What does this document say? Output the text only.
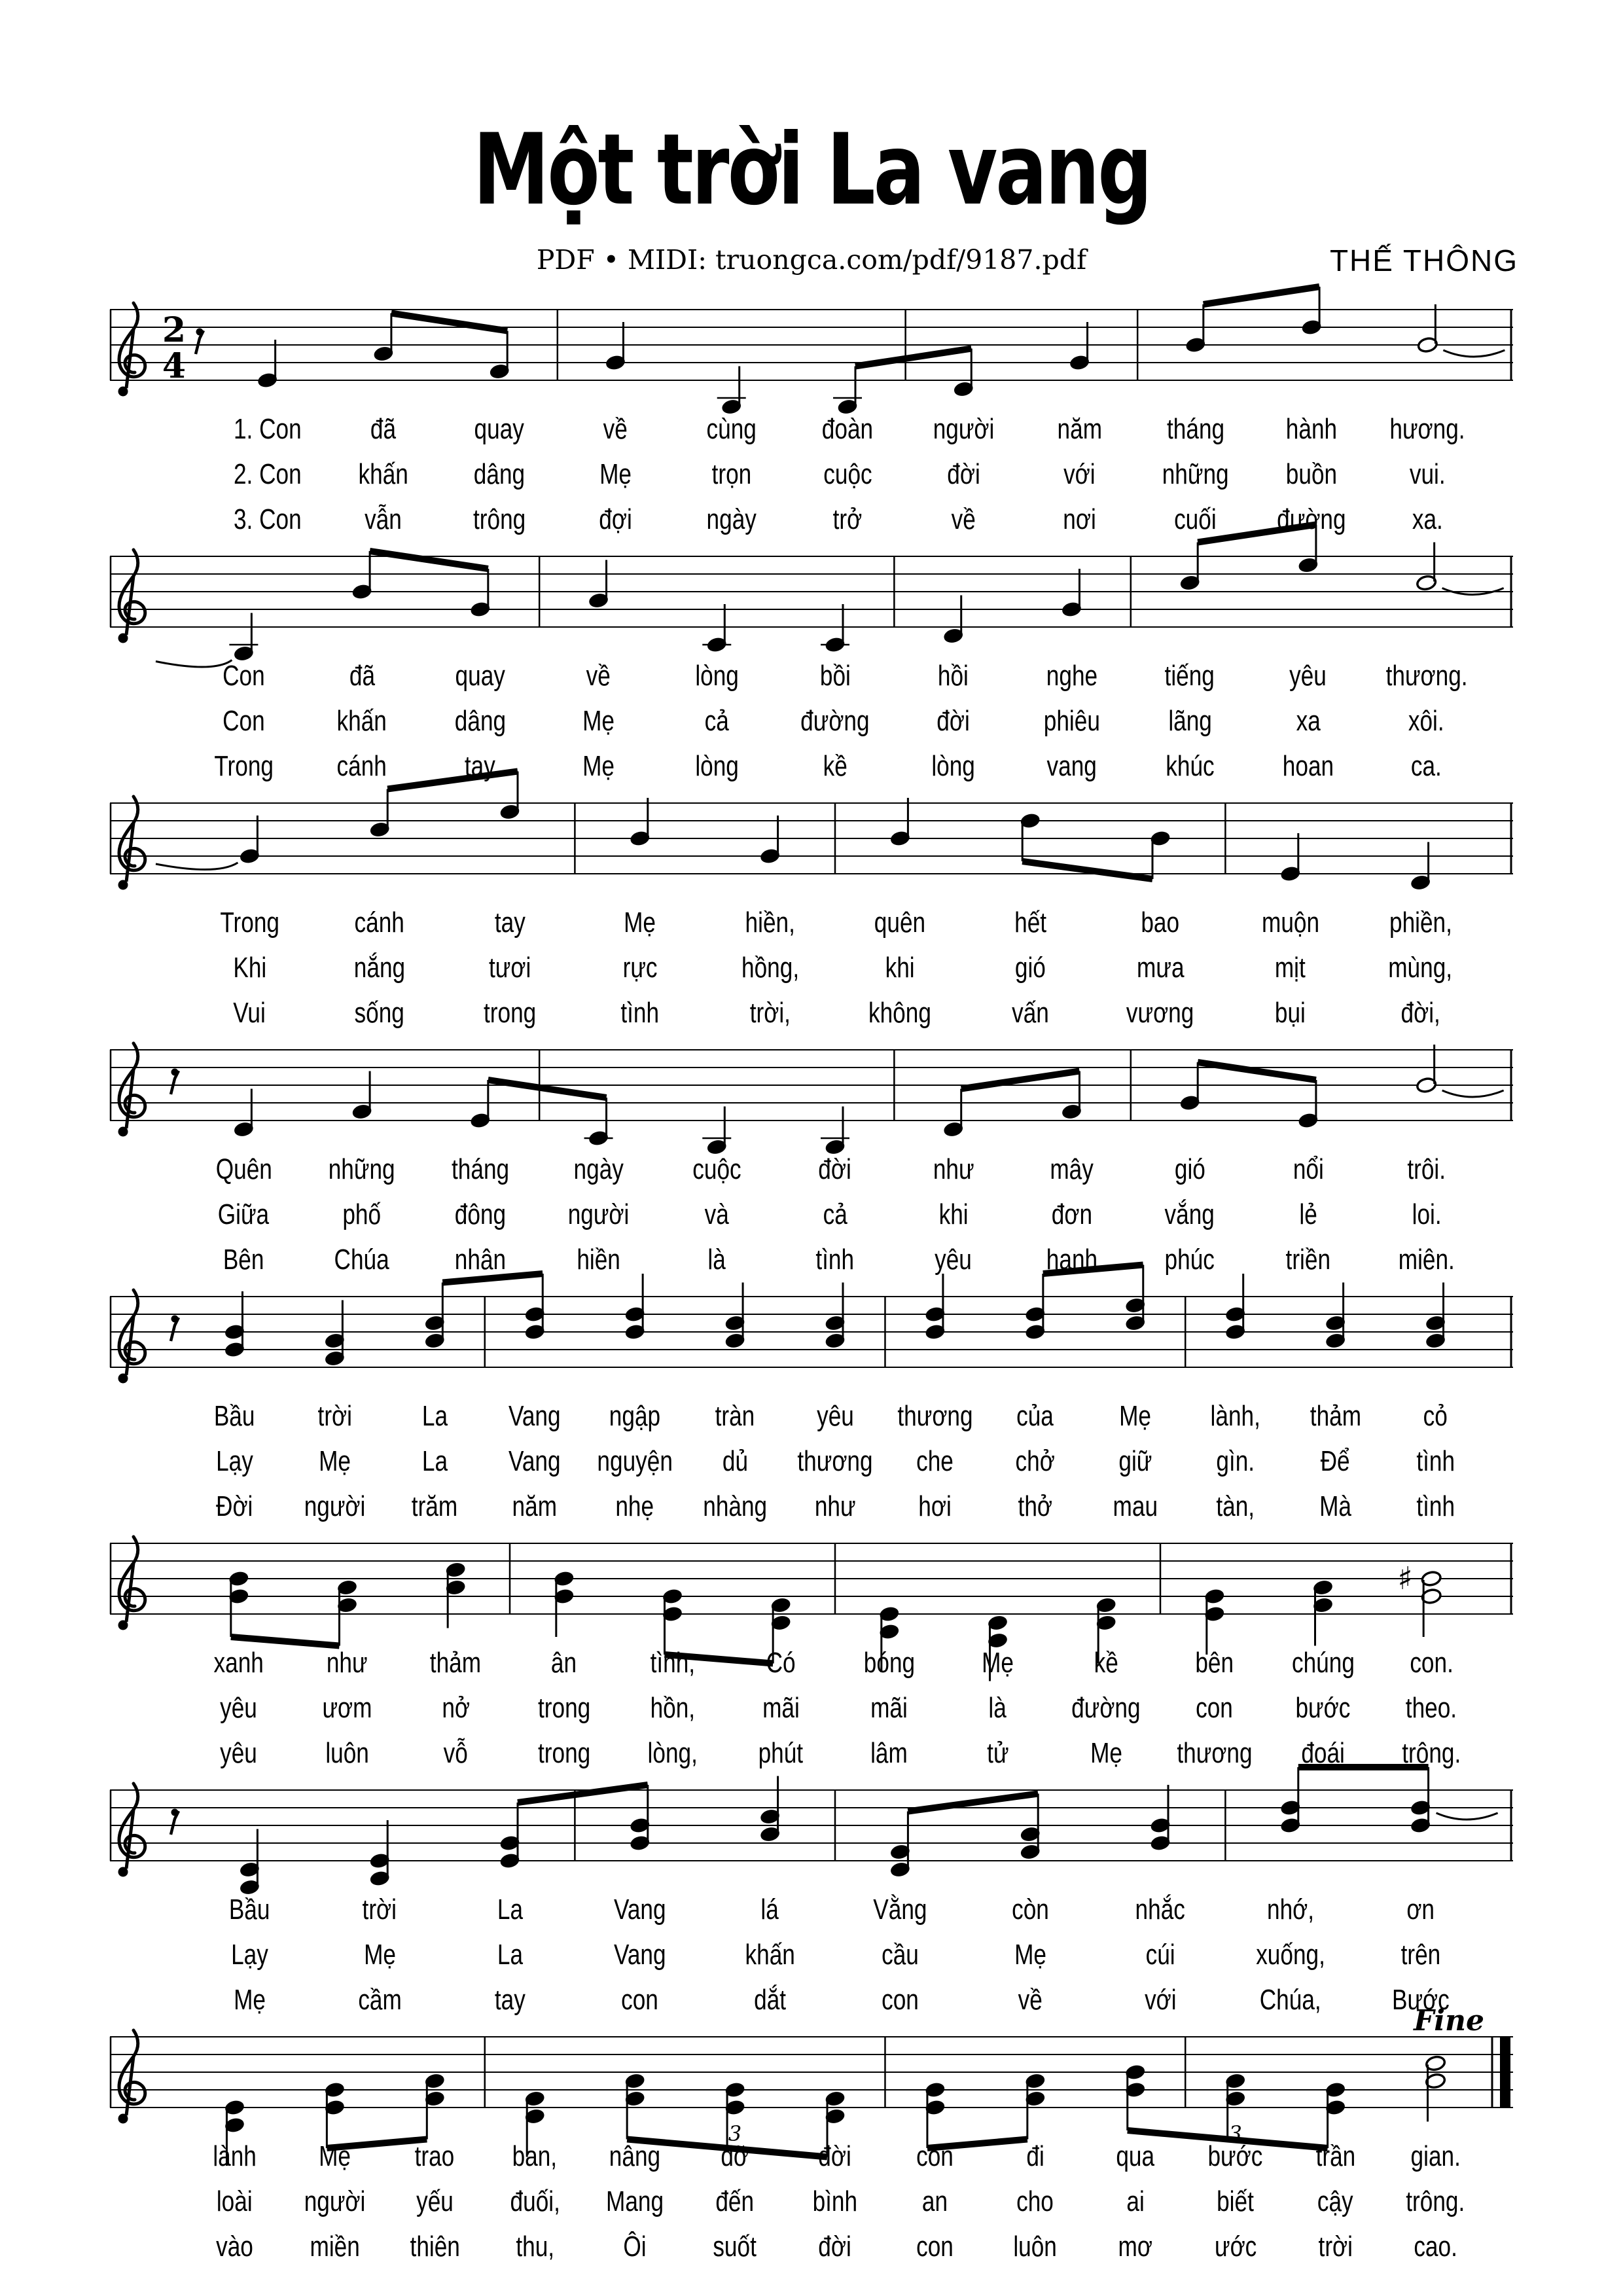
Một trời La vang
PDF • MIDI: truongca.com/pdf/9187.pdf	THẾ THÔNG
2
4
1. Con đã	quay	về	cùng đoàn người năm tháng hành hương.
2. Con khấn dâng	Mẹ	trọn cuộc	đời	với những buồn	vui.
3. Con vẫn trông	đợi	ngày	trở	về	nơi	cuối đường xa.
Con	đã	quay	về	lòng	bồi	hồi	nghe tiếng	yêu thương.
Con	khấn dâng	Mẹ	cả đường đời	phiêu lãng	xa	xôi.
Trong cánh	tay	Mẹ	lòng	kề	lòng vang khúc hoan	ca.
Trong	cánh	tay	Mẹ	hiền,	quên	hết	bao	muộn phiền,
Khi	nắng	tươi	rực	hồng,	khi	gió	mưa	mịt	mùng,
Vui	sống	trong	tình	trời,	không	vấn	vương	bụi	đời,
Quên những tháng ngày cuộc	đời	như	mây	gió	nổi	trôi.
Giữa	phố	đông người	và	cả	khi	đơn	vắng	lẻ	loi.
Bên Chúa nhân hiền	là	tình	yêu	hạnh phúc triền miên.
Bầu trời La Vang ngập tràn yêu thương của Mẹ lành, thảm cỏ
Lạy Mẹ La Vang nguyện dủ thương che chở giữ gìn. Để tình
Đời người trăm năm nhẹ nhàng như hơi thở mau tàn, Mà tình
♯
xanh như thảm ân	tình, Có bóng Mẹ	kề	bên chúng con.
yêu ươm nở trong hồn, mãi mãi	là đường con bước theo.
yêu luôn	vỗ trong lòng, phút lâm	tử	Mẹ thương đoái trông.
Bầu	trời	La	Vang	lá	Vằng	còn	nhắc	nhớ,	ơn
Lạy	Mẹ	La	Vang	khấn	cầu	Mẹ	cúi	xuống,	trên
Mẹ	cầm	tay	con	dắt	con	về	với	Chúa, Bước
3	3
Fine
lành Mẹ trao ban, nâng đỡ đời con	đi qua bước trần gian.
loài người yếu đuối, Mang đến bình an cho	ai	biết cậy trông.
vào miền thiên thu, Ôi suốt đời con luôn mơ ước trời cao.
